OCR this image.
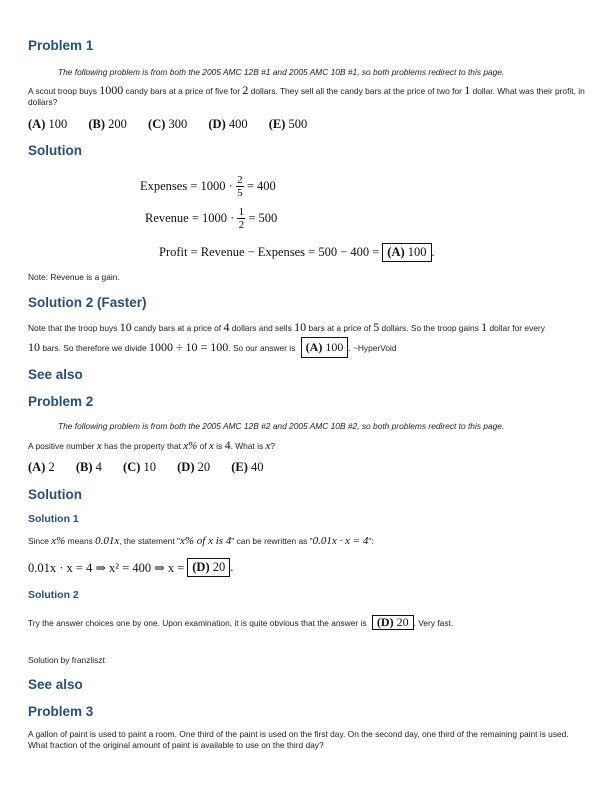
Problem 1
The following problem is from both the 2005 AMC 12B #1 and 2005 AMC 10B #1, so both problems redirect to this page.
A scout troop buys 1000 candy bars at a price of five for 2 dollars. They sell all the candy bars at the price of two for 1 dollar. What was their profit, in dollars?
(A) 100 (B) 200 (C) 300 (D) 400 (E) 500
Solution
Expenses
= $1000 \cdot \frac{2}{5} = 400$
Revenue
= $1000 \cdot \frac{1}{2} = 500$
Profit = Revenue − Expenses = 500 − 400 = (A) 100 .
Note: Revenue is a gain.
Solution 2 (Faster)
Note that the troop buys 10 candy bars at a price of 4 dollars and sells 10 bars at a price of 5 dollars. So the troop gains 1 dollar for every
10 bars. So therefore we divide 1000 ÷ 10 = 100. So our answer is (A) 100 . ~HyperVoid
See also
Problem 2
The following problem is from both the 2005 AMC 12B #2 and 2005 AMC 10B #2, so both problems redirect to this page.
A positive number x has the property that x% of x is 4. What is x?
(A) 2 (B) 4 (C) 10 (D) 20 (E) 40
Solution
Solution 1
Since x% means 0.01x, the statement "x% of x is 4" can be rewritten as "0.01x · x = 4":
0.01x · x = 4 ⇒ x² = 400 ⇒ x = (D) 20 .
Solution 2
Try the answer choices one by one. Upon examination, it is quite obvious that the answer is (D) 20 . Very fast.
Solution by franzliszt
See also
Problem 3
A gallon of paint is used to paint a room. One third of the paint is used on the first day. On the second day, one third of the remaining paint is used. What fraction of the original amount of paint is available to use on the third day?
